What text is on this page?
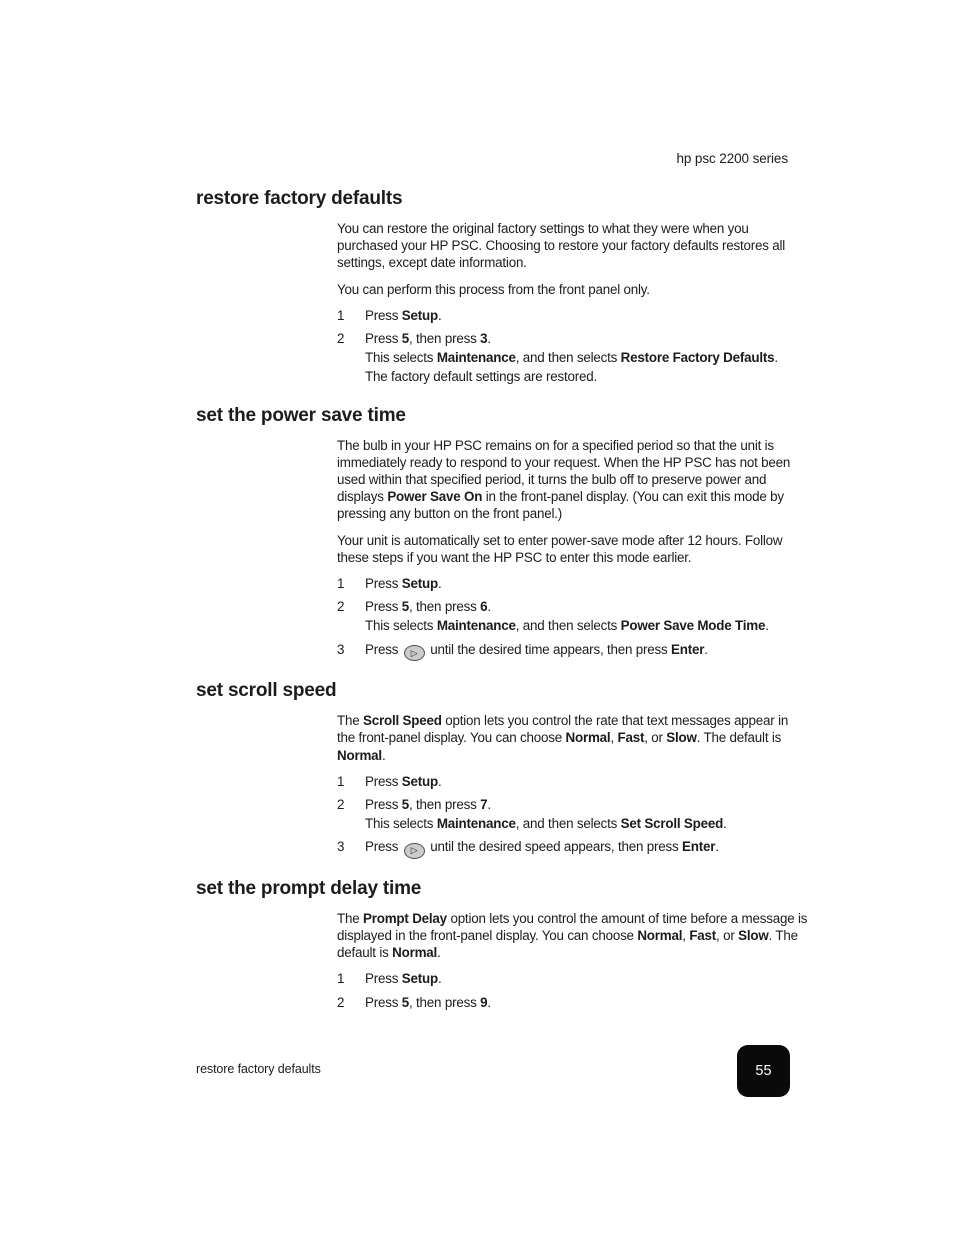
hp psc 2200 series
restore factory defaults

You can restore the original factory settings to what they were when you purchased your HP PSC. Choosing to restore your factory defaults restores all settings, except date information.

You can perform this process from the front panel only.

1	Press Setup.
2	Press 5, then press 3.
This selects Maintenance, and then selects Restore Factory Defaults.
The factory default settings are restored.
set the power save time

The bulb in your HP PSC remains on for a specified period so that the unit is immediately ready to respond to your request. When the HP PSC has not been used within that specified period, it turns the bulb off to preserve power and displays Power Save On in the front-panel display. (You can exit this mode by pressing any button on the front panel.)

Your unit is automatically set to enter power-save mode after 12 hours. Follow these steps if you want the HP PSC to enter this mode earlier.

1	Press Setup.
2	Press 5, then press 6.
This selects Maintenance, and then selects Power Save Mode Time.
3	Press ▷ until the desired time appears, then press Enter.
set scroll speed

The Scroll Speed option lets you control the rate that text messages appear in the front-panel display. You can choose Normal, Fast, or Slow. The default is Normal.

1	Press Setup.
2	Press 5, then press 7.
This selects Maintenance, and then selects Set Scroll Speed.
3	Press ▷ until the desired speed appears, then press Enter.
set the prompt delay time

The Prompt Delay option lets you control the amount of time before a message is displayed in the front-panel display. You can choose Normal, Fast, or Slow. The default is Normal.

1	Press Setup.
2	Press 5, then press 9.
restore factory defaults	55
